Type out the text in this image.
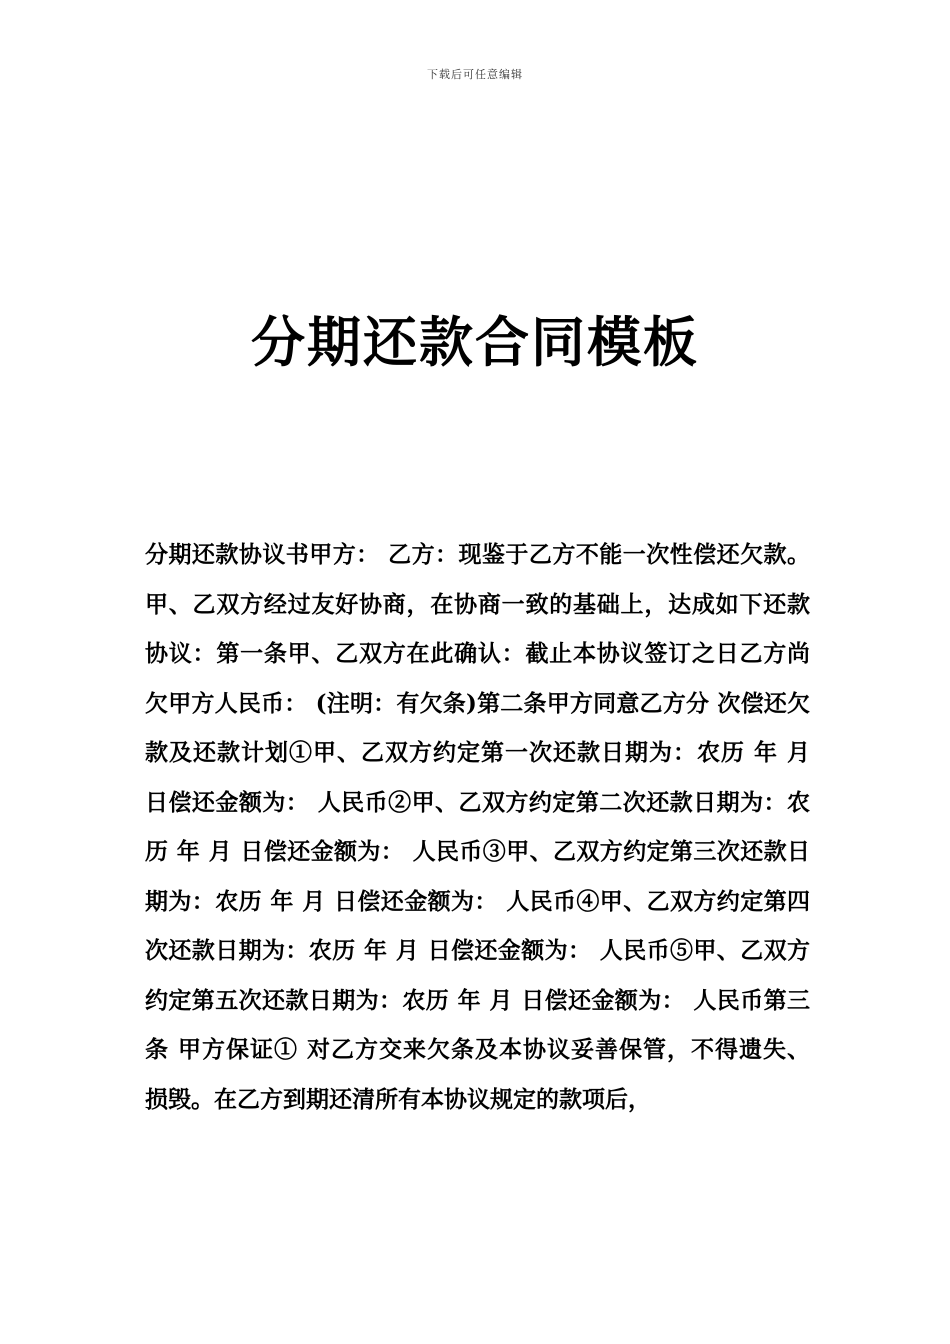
下载后可任意编辑
分期还款合同模板

分期还款协议书甲方： 乙方：现鉴于乙方不能一次性偿还欠款。甲、乙双方经过友好协商，在协商一致的基础上，达成如下还款协议：第一条甲、乙双方在此确认：截止本协议签订之日乙方尚欠甲方人民币： (注明：有欠条)第二条甲方同意乙方分 次偿还欠款及还款计划①甲、乙双方约定第一次还款日期为：农历 年 月 日偿还金额为： 人民币②甲、乙双方约定第二次还款日期为：农历 年 月 日偿还金额为： 人民币③甲、乙双方约定第三次还款日期为：农历 年 月 日偿还金额为： 人民币④甲、乙双方约定第四次还款日期为：农历 年 月 日偿还金额为： 人民币⑤甲、乙双方约定第五次还款日期为：农历 年 月 日偿还金额为： 人民币第三条 甲方保证① 对乙方交来欠条及本协议妥善保管，不得遗失、 损毁。在乙方到期还清所有本协议规定的款项后，
